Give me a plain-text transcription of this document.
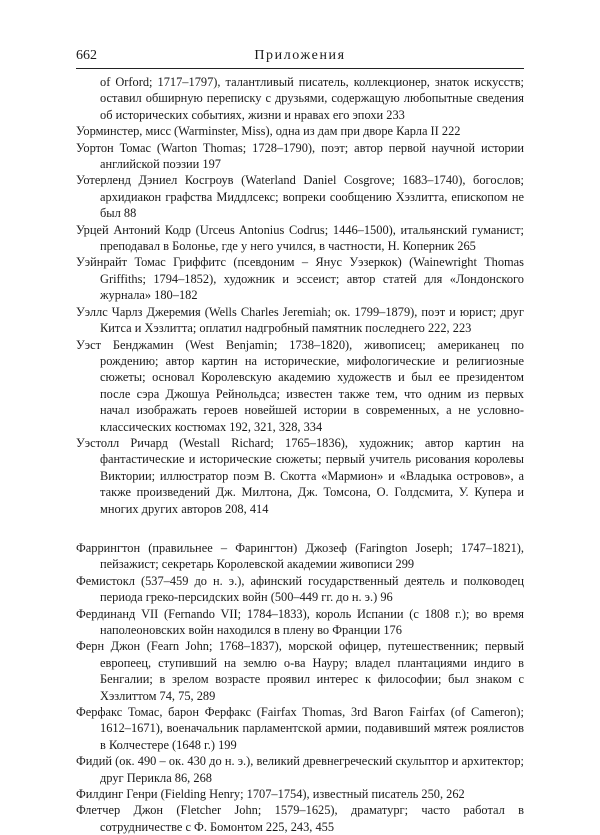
662	Приложения

of Orford; 1717–1797), талантливый писатель, коллекционер, знаток искусств; оставил обширную переписку с друзьями, содержащую любопытные сведения об исторических событиях, жизни и нравах его эпохи 233

Уорминстер, мисс (Warminster, Miss), одна из дам при дворе Карла II 222

Уортон Томас (Warton Thomas; 1728–1790), поэт; автор первой научной истории английской поэзии 197

Уотерленд Дэниел Косгроув (Waterland Daniel Cosgrove; 1683–1740), богослов; архидиакон графства Миддлсекс; вопреки сообщению Хэзлитта, епископом не был 88

Урцей Антоний Кодр (Urceus Antonius Codrus; 1446–1500), итальянский гуманист; преподавал в Болонье, где у него учился, в частности, Н. Коперник 265

Уэйнрайт Томас Гриффитс (псевдоним – Янус Уэзеркок) (Wainewright Thomas Griffiths; 1794–1852), художник и эссеист; автор статей для «Лондонского журнала» 180–182

Уэллс Чарлз Джеремия (Wells Charles Jeremiah; ок. 1799–1879), поэт и юрист; друг Китса и Хэзлитта; оплатил надгробный памятник последнего 222, 223

Уэст Бенджамин (West Benjamin; 1738–1820), живописец; американец по рождению; автор картин на исторические, мифологические и религиозные сюжеты; основал Королевскую академию художеств и был ее президентом после сэра Джошуа Рейнольдса; известен также тем, что одним из первых начал изображать героев новейшей истории в современных, а не условно-классических костюмах 192, 321, 328, 334

Уэстолл Ричард (Westall Richard; 1765–1836), художник; автор картин на фантастические и исторические сюжеты; первый учитель рисования королевы Виктории; иллюстратор поэм В. Скотта «Мармион» и «Владыка островов», а также произведений Дж. Милтона, Дж. Томсона, О. Голдсмита, У. Купера и многих других авторов 208, 414

Фаррингтон (правильнее – Фарингтон) Джозеф (Farington Joseph; 1747–1821), пейзажист; секретарь Королевской академии живописи 299

Фемистокл (537–459 до н. э.), афинский государственный деятель и полководец периода греко-персидских войн (500–449 гг. до н. э.) 96

Фердинанд VII (Fernando VII; 1784–1833), король Испании (с 1808 г.); во время наполеоновских войн находился в плену во Франции 176

Ферн Джон (Fearn John; 1768–1837), морской офицер, путешественник; первый европеец, ступивший на землю о-ва Науру; владел плантациями индиго в Бенгалии; в зрелом возрасте проявил интерес к философии; был знаком с Хэзлиттом 74, 75, 289

Ферфакс Томас, барон Ферфакс (Fairfax Thomas, 3rd Baron Fairfax (of Cameron); 1612–1671), военачальник парламентской армии, подавивший мятеж роялистов в Колчестере (1648 г.) 199

Фидий (ок. 490 – ок. 430 до н. э.), великий древнегреческий скульптор и архитектор; друг Перикла 86, 268

Филдинг Генри (Fielding Henry; 1707–1754), известный писатель 250, 262

Флетчер Джон (Fletcher John; 1579–1625), драматург; часто работал в сотрудничестве с Ф. Бомонтом 225, 243, 455
